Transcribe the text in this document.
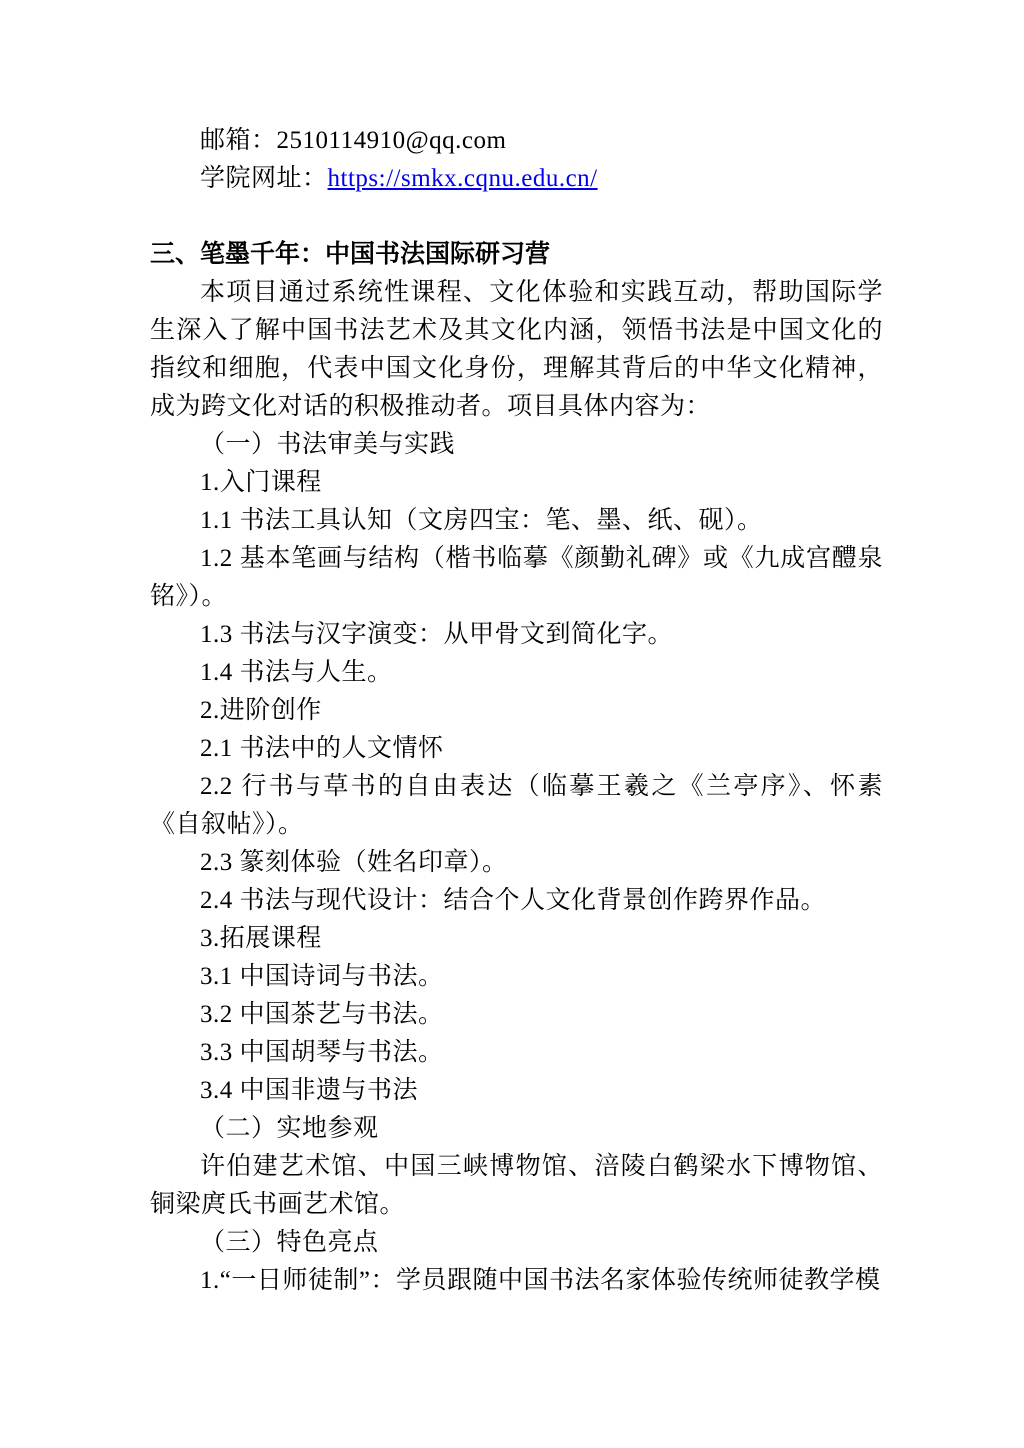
邮箱：2510114910@qq.com

学院网址：https://smkx.cqnu.edu.cn/

三、笔墨千年：中国书法国际研习营

本项目通过系统性课程、文化体验和实践互动，帮助国际学生深入了解中国书法艺术及其文化内涵，领悟书法是中国文化的指纹和细胞，代表中国文化身份，理解其背后的中华文化精神，成为跨文化对话的积极推动者。项目具体内容为：

（一）书法审美与实践

1.入门课程

1.1 书法工具认知（文房四宝：笔、墨、纸、砚）。

1.2 基本笔画与结构（楷书临摹《颜勤礼碑》或《九成宫醴泉铭》）。

1.3 书法与汉字演变：从甲骨文到简化字。

1.4 书法与人生。

2.进阶创作

2.1 书法中的人文情怀

2.2 行书与草书的自由表达（临摹王羲之《兰亭序》、怀素《自叙帖》）。

2.3 篆刻体验（姓名印章）。

2.4 书法与现代设计：结合个人文化背景创作跨界作品。

3.拓展课程

3.1 中国诗词与书法。

3.2 中国茶艺与书法。

3.3 中国胡琴与书法。

3.4 中国非遗与书法

（二）实地参观

许伯建艺术馆、中国三峡博物馆、涪陵白鹤梁水下博物馆、铜梁庹氏书画艺术馆。

（三）特色亮点

1.“一日师徒制”：学员跟随中国书法名家体验传统师徒教学模
